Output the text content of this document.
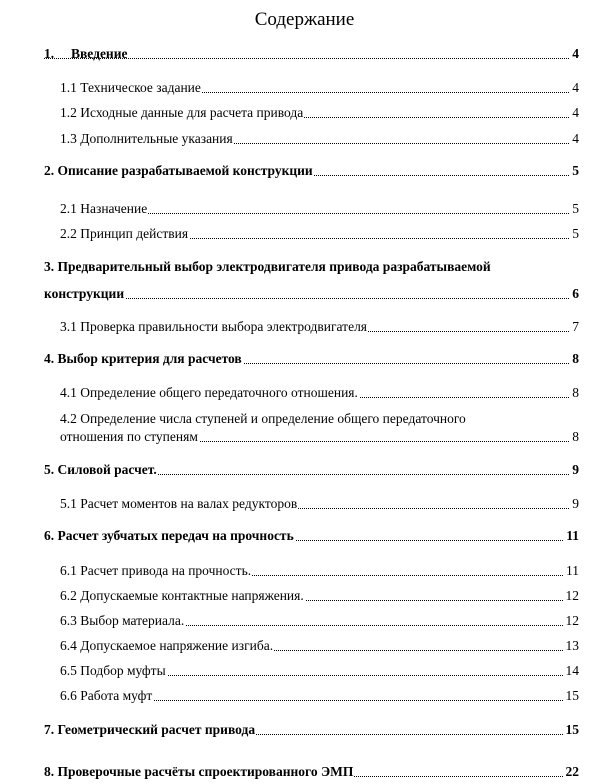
Содержание
1. Введение	4
1.1 Техническое задание	4
1.2 Исходные данные для расчета привода	4
1.3 Дополнительные указания	4
2. Описание разрабатываемой конструкции	5
2.1 Назначение	5
2.2 Принцип действия	5
3. Предварительный выбор электродвигателя привода разрабатываемой
конструкции	6
3.1 Проверка правильности выбора электродвигателя	7
4. Выбор критерия для расчетов	8
4.1 Определение общего передаточного отношения.	8
4.2 Определение числа ступеней и определение общего передаточного
отношения по ступеням	8
5. Силовой расчет.	9
5.1 Расчет моментов на валах редукторов	9
6. Расчет зубчатых передач на прочность	11
6.1 Расчет привода на прочность.	11
6.2 Допускаемые контактные напряжения.	12
6.3 Выбор материала.	12
6.4 Допускаемое напряжение изгиба.	13
6.5 Подбор муфты	14
6.6 Работа муфт	15
7. Геометрический расчет привода	15
8. Проверочные расчёты спроектированного ЭМП	22
